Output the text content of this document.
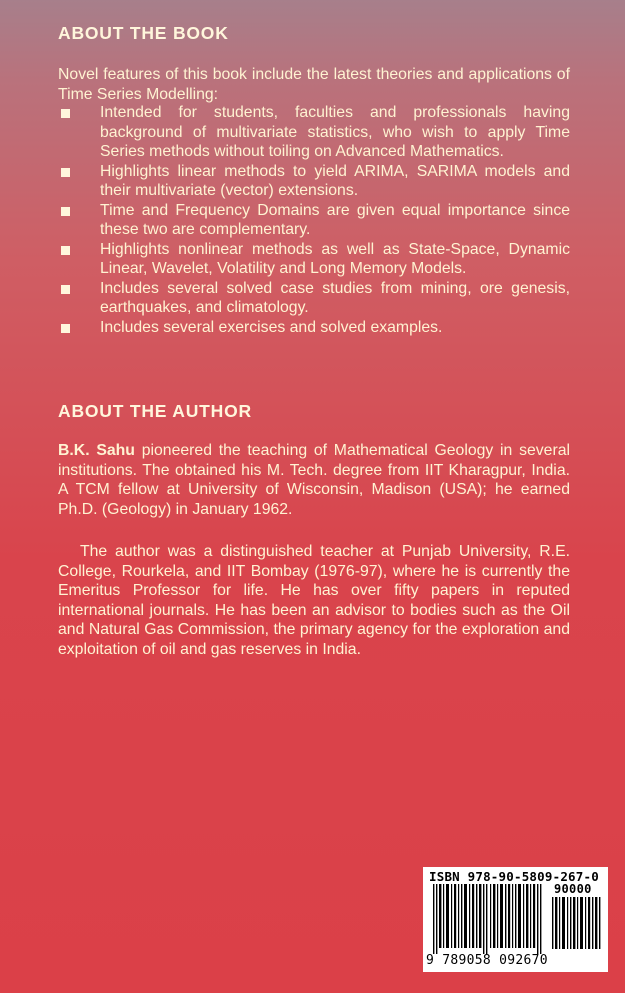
ABOUT THE BOOK

Novel features of this book include the latest theories and applications of Time Series Modelling:

Intended for students, faculties and professionals having background of multivariate statistics, who wish to apply Time Series methods without toiling on Advanced Mathematics.
Highlights linear methods to yield ARIMA, SARIMA models and their multivariate (vector) extensions.
Time and Frequency Domains are given equal importance since these two are complementary.
Highlights nonlinear methods as well as State-Space, Dynamic Linear, Wavelet, Volatility and Long Memory Models.
Includes several solved case studies from mining, ore genesis, earthquakes, and climatology.
Includes several exercises and solved examples.
ABOUT THE AUTHOR

B.K. Sahu pioneered the teaching of Mathematical Geology in several institutions. The obtained his M. Tech. degree from IIT Kharagpur, India. A TCM fellow at University of Wisconsin, Madison (USA); he earned Ph.D. (Geology) in January 1962.

The author was a distinguished teacher at Punjab University, R.E. College, Rourkela, and IIT Bombay (1976-97), where he is currently the Emeritus Professor for life. He has over fifty papers in reputed international journals. He has been an advisor to bodies such as the Oil and Natural Gas Commission, the primary agency for the exploration and exploitation of oil and gas reserves in India.

ISBN 978-90-5809-267-0
90000
9 789058 092670
